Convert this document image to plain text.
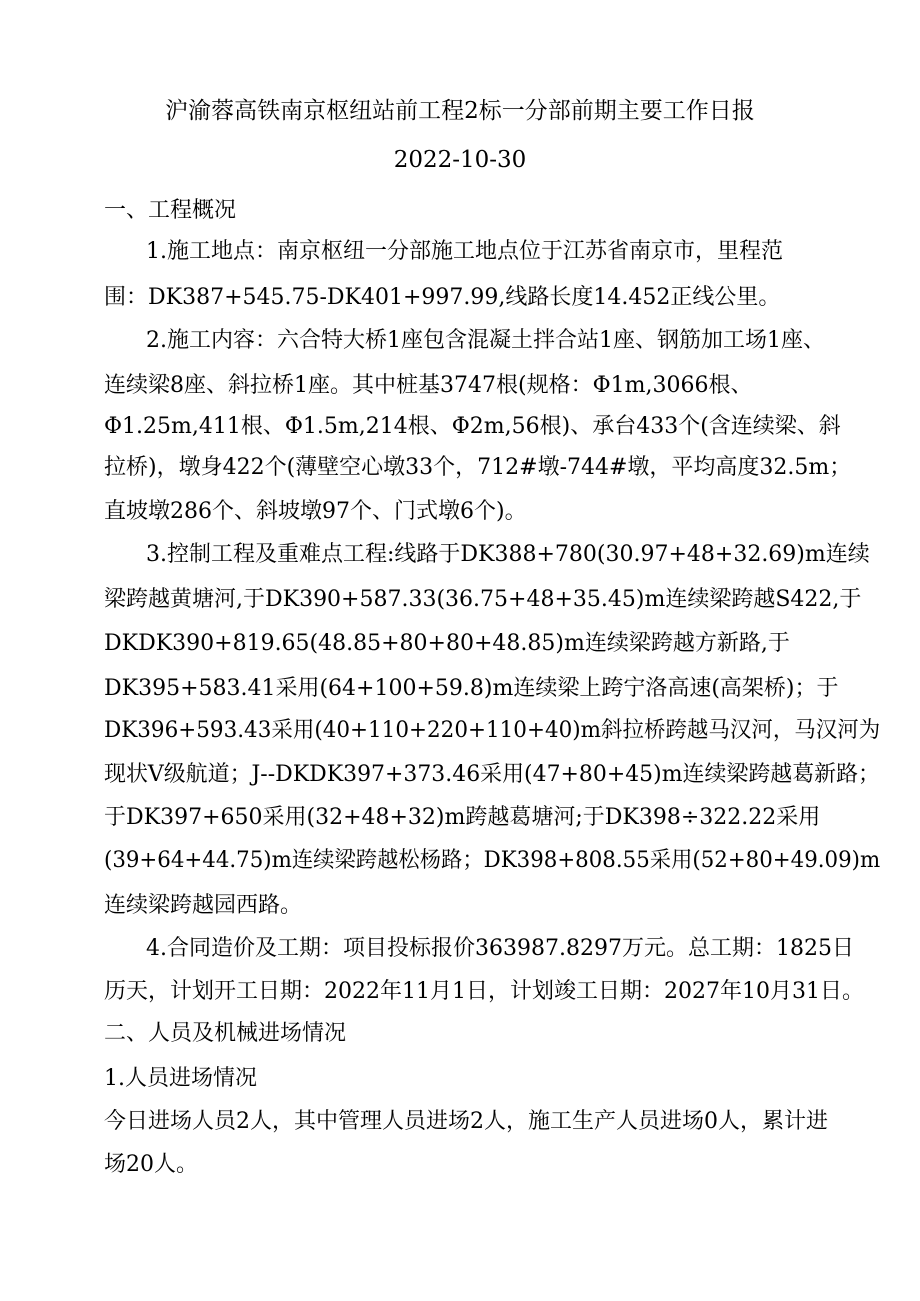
沪渝蓉高铁南京枢纽站前工程2标一分部前期主要工作日报
2022-10-30
一、工程概况
1.施工地点：南京枢纽一分部施工地点位于江苏省南京市，里程范
围：DK387+545.75-DK401+997.99,线路长度14.452正线公里。
2.施工内容：六合特大桥1座包含混凝土拌合站1座、钢筋加工场1座、
连续梁8座、斜拉桥1座。其中桩基3747根(规格：Φ1m,3066根、
Φ1.25m,411根、Φ1.5m,214根、Φ2m,56根)、承台433个(含连续梁、斜
拉桥)，墩身422个(薄壁空心墩33个，712#墩-744#墩，平均高度32.5m；
直坡墩286个、斜坡墩97个、门式墩6个)。
3.控制工程及重难点工程:线路于DK388+780(30.97+48+32.69)m连续
梁跨越黄塘河,于DK390+587.33(36.75+48+35.45)m连续梁跨越S422,于
DKDK390+819.65(48.85+80+80+48.85)m连续梁跨越方新路,于
DK395+583.41采用(64+100+59.8)m连续梁上跨宁洛高速(高架桥)；于
DK396+593.43采用(40+110+220+110+40)m斜拉桥跨越马汉河，马汉河为
现状V级航道；J--DKDK397+373.46采用(47+80+45)m连续梁跨越葛新路；
于DK397+650采用(32+48+32)m跨越葛塘河;于DK398÷322.22采用
(39+64+44.75)m连续梁跨越松杨路；DK398+808.55采用(52+80+49.09)m
连续梁跨越园西路。
4.合同造价及工期：项目投标报价363987.8297万元。总工期：1825日
历天，计划开工日期：2022年11月1日，计划竣工日期：2027年10月31日。
二、人员及机械进场情况
1.人员进场情况
今日进场人员2人，其中管理人员进场2人，施工生产人员进场0人，累计进
场20人。
